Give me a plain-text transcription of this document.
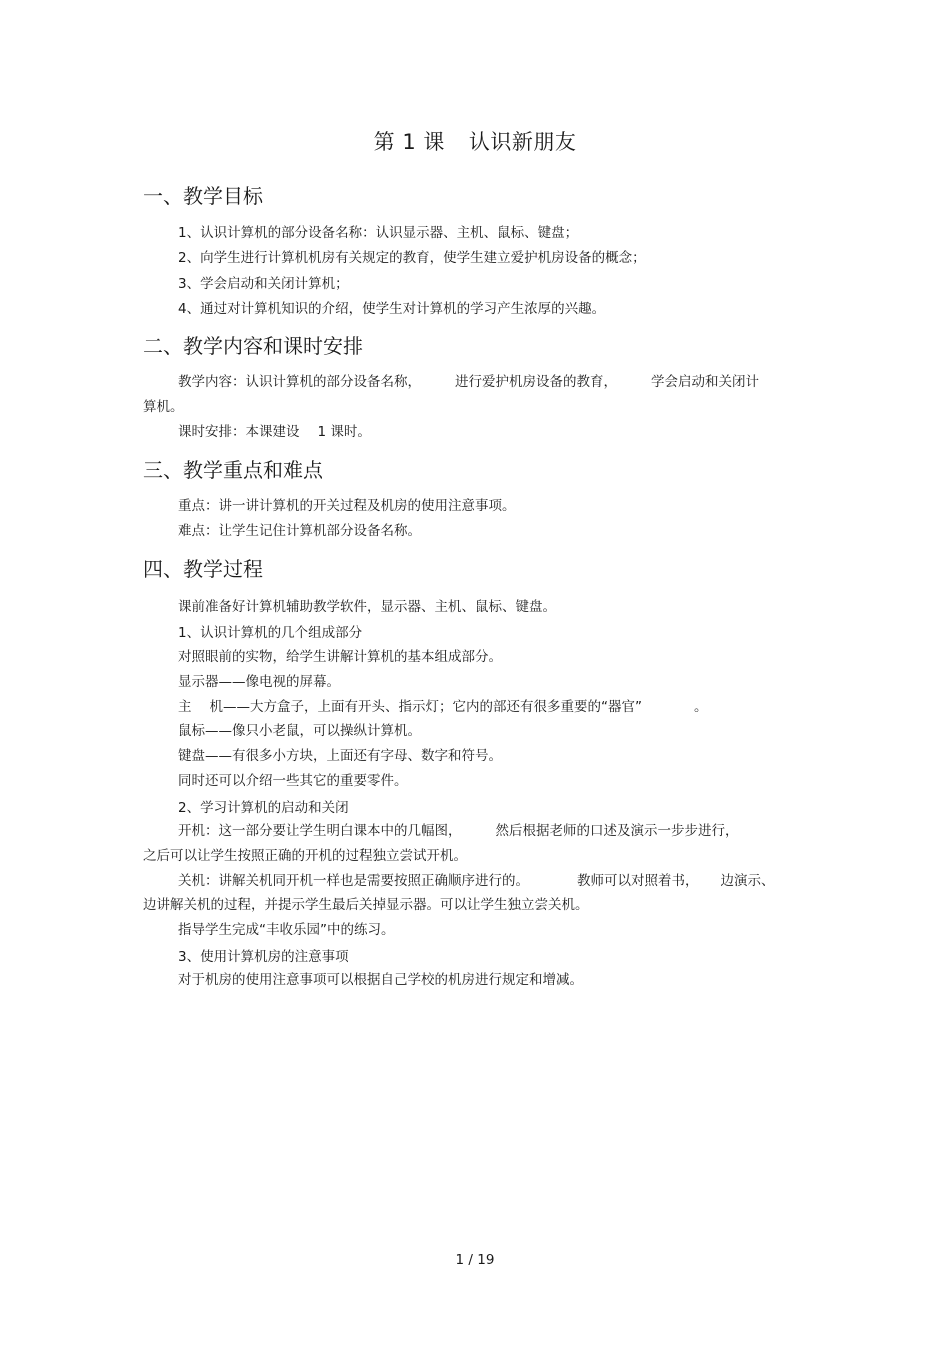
第 1 课 认识新朋友
一、教学目标
1、认识计算机的部分设备名称：认识显示器、主机、鼠标、键盘；
2、向学生进行计算机机房有关规定的教育，使学生建立爱护机房设备的概念；
3、学会启动和关闭计算机；
4、通过对计算机知识的介绍，使学生对计算机的学习产生浓厚的兴趣。
二、教学内容和课时安排
教学内容：认识计算机的部分设备名称，	进行爱护机房设备的教育，	学会启动和关闭计
算机。
课时安排：本课建设 1 课时。
三、教学重点和难点
重点：讲一讲计算机的开关过程及机房的使用注意事项。
难点：让学生记住计算机部分设备名称。
四、教学过程
课前准备好计算机辅助教学软件，显示器、主机、鼠标、键盘。
1、认识计算机的几个组成部分
对照眼前的实物，给学生讲解计算机的基本组成部分。
显示器——像电视的屏幕。
主 机——大方盒子，上面有开头、指示灯；它内的部还有很多重要的“器官”	。
鼠标——像只小老鼠，可以操纵计算机。
键盘——有很多小方块，上面还有字母、数字和符号。
同时还可以介绍一些其它的重要零件。
2、学习计算机的启动和关闭
开机：这一部分要让学生明白课本中的几幅图，	然后根据老师的口述及演示一步步进行，
之后可以让学生按照正确的开机的过程独立尝试开机。
关机：讲解关机同开机一样也是需要按照正确顺序进行的。	教师可以对照着书， 边演示、
边讲解关机的过程，并提示学生最后关掉显示器。可以让学生独立尝关机。
指导学生完成“丰收乐园”中的练习。
3、使用计算机房的注意事项
对于机房的使用注意事项可以根据自己学校的机房进行规定和增减。
1 / 19
